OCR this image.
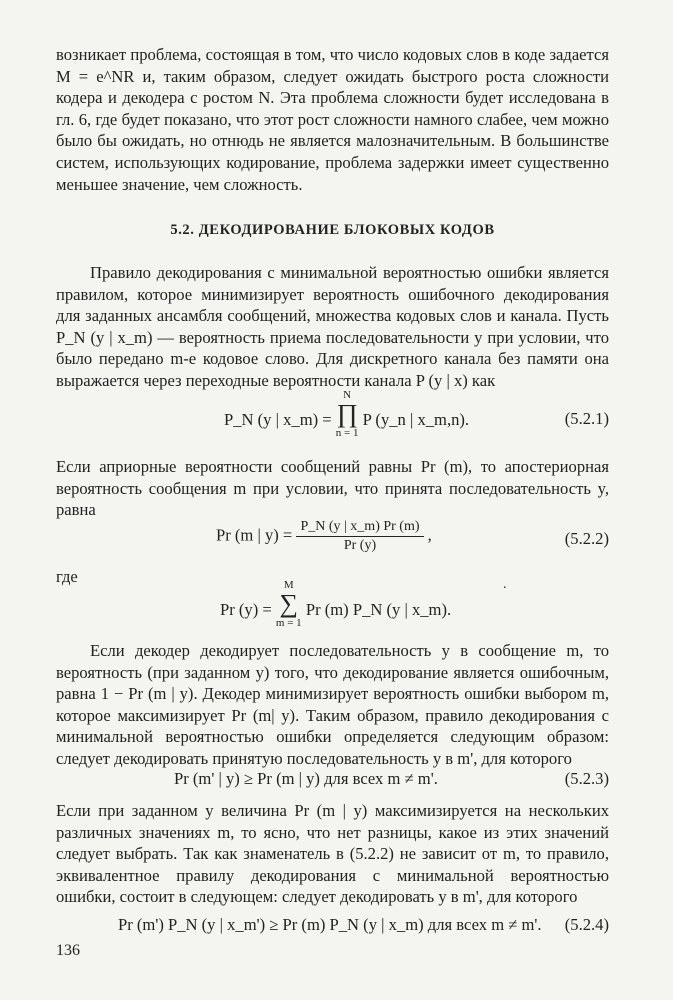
возникает проблема, состоящая в том, что число кодовых слов в коде задается M = e^NR и, таким образом, следует ожидать быстрого роста сложности кодера и декодера с ростом N. Эта проблема сложности будет исследована в гл. 6, где будет показано, что этот рост сложности намного слабее, чем можно было бы ожидать, но отнюдь не является малозначительным. В большинстве систем, использующих кодирование, проблема задержки имеет существенно меньшее значение, чем сложность.

5.2. ДЕКОДИРОВАНИЕ БЛОКОВЫХ КОДОВ

Правило декодирования с минимальной вероятностью ошибки является правилом, которое минимизирует вероятность ошибочного декодирования для заданных ансамбля сообщений, множества кодовых слов и канала. Пусть P_N (y | x_m) — вероятность приема последовательности y при условии, что было передано m-е кодовое слово. Для дискретного канала без памяти она выражается через переходные вероятности канала P (y | x) как

P_N (y | x_m) =
N
∏
n = 1
P (y_n | x_m,n).	(5.2.1)

Если априорные вероятности сообщений равны Pr (m), то апостериорная вероятность сообщения m при условии, что принята последовательность y, равна

Pr (m | $y) = \frac{P\_N (y | x\_m) Pr (m)}{Pr (y)}$ ,	(5.2.2)

где	.
Pr (y) =
M
∑
m = 1
Pr (m) P_N (y | x_m).

Если декодер декодирует последовательность y в сообщение m, то вероятность (при заданном y) того, что декодирование является ошибочным, равна 1 − Pr (m | y). Декодер минимизирует вероятность ошибки выбором m, которое максимизирует Pr (m| y). Таким образом, правило декодирования с минимальной вероятностью ошибки определяется следующим образом: следует декодировать принятую последовательность y в m', для которого

Pr (m' | y) ≥ Pr (m | y) для всех m ≠ m'.	(5.2.3)

Если при заданном y величина Pr (m | y) максимизируется на нескольких различных значениях m, то ясно, что нет разницы, какое из этих значений следует выбрать. Так как знаменатель в (5.2.2) не зависит от m, то правило, эквивалентное правилу декодирования с минимальной вероятностью ошибки, состоит в следующем: следует декодировать y в m', для которого

Pr (m') P_N (y | x_m') ≥ Pr (m) P_N (y | x_m) для всех m ≠ m'. (5.2.4)
136
